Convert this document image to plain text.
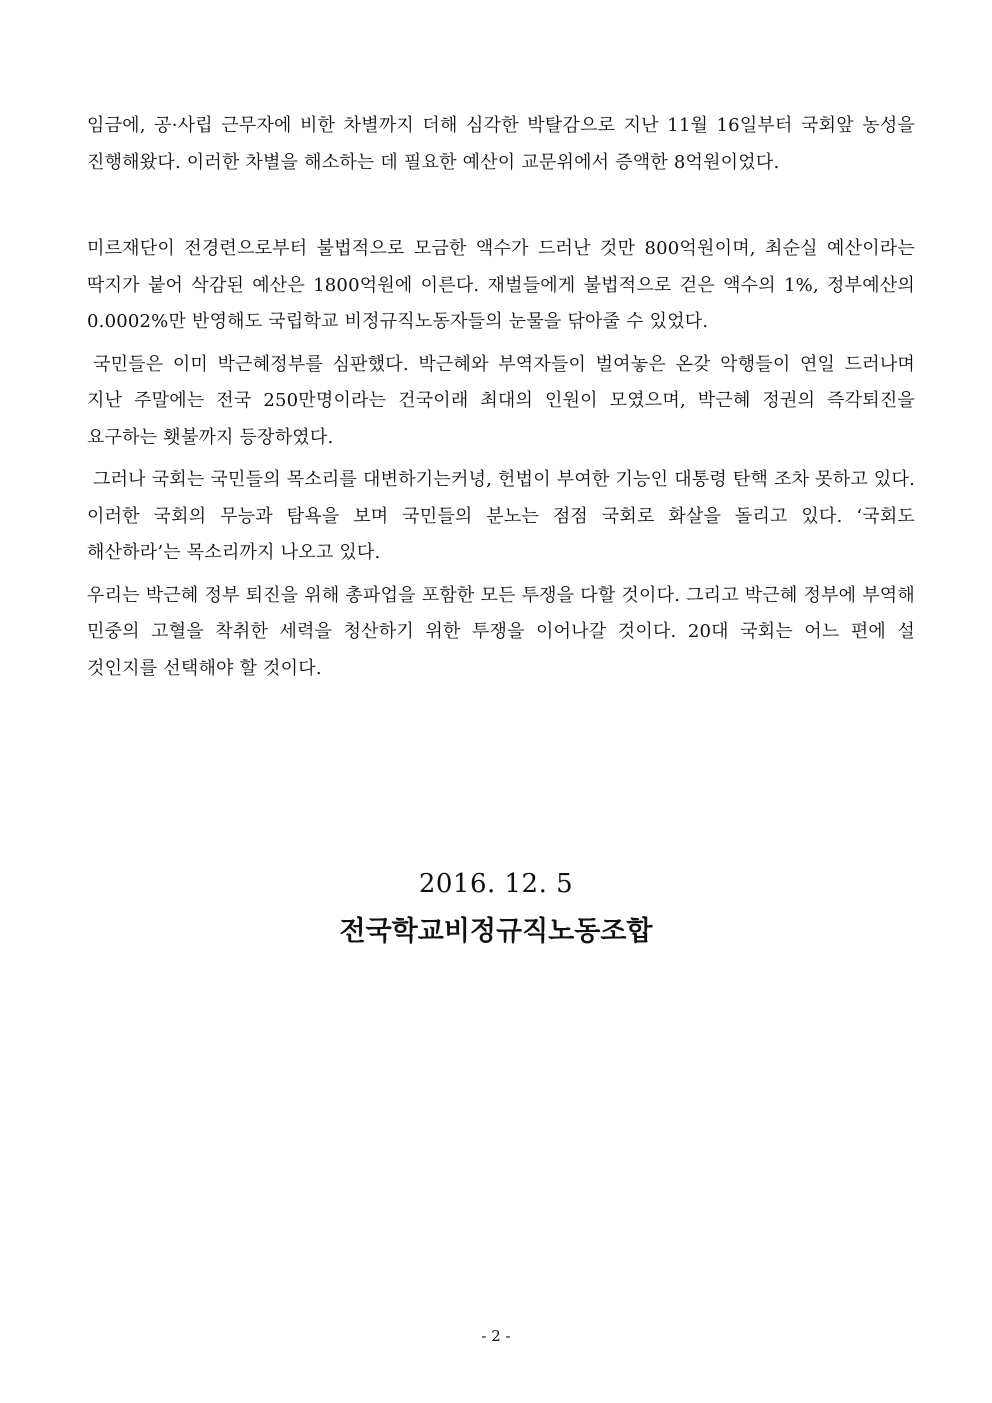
임금에, 공·사립 근무자에 비한 차별까지 더해 심각한 박탈감으로 지난 11월 16일부터 국회앞 농성을 진행해왔다. 이러한 차별을 해소하는 데 필요한 예산이 교문위에서 증액한 8억원이었다.

미르재단이 전경련으로부터 불법적으로 모금한 액수가 드러난 것만 800억원이며, 최순실 예산이라는 딱지가 붙어 삭감된 예산은 1800억원에 이른다. 재벌들에게 불법적으로 걷은 액수의 1%, 정부예산의 0.0002%만 반영해도 국립학교 비정규직노동자들의 눈물을 닦아줄 수 있었다.

국민들은 이미 박근혜정부를 심판했다. 박근혜와 부역자들이 벌여놓은 온갖 악행들이 연일 드러나며 지난 주말에는 전국 250만명이라는 건국이래 최대의 인원이 모였으며, 박근혜 정권의 즉각퇴진을 요구하는 횃불까지 등장하였다.

그러나 국회는 국민들의 목소리를 대변하기는커녕, 헌법이 부여한 기능인 대통령 탄핵 조차 못하고 있다. 이러한 국회의 무능과 탐욕을 보며 국민들의 분노는 점점 국회로 화살을 돌리고 있다. ‘국회도 해산하라’는 목소리까지 나오고 있다.

우리는 박근혜 정부 퇴진을 위해 총파업을 포함한 모든 투쟁을 다할 것이다. 그리고 박근혜 정부에 부역해 민중의 고혈을 착취한 세력을 청산하기 위한 투쟁을 이어나갈 것이다. 20대 국회는 어느 편에 설 것인지를 선택해야 할 것이다.

2016. 12. 5
전국학교비정규직노동조합
- 2 -
